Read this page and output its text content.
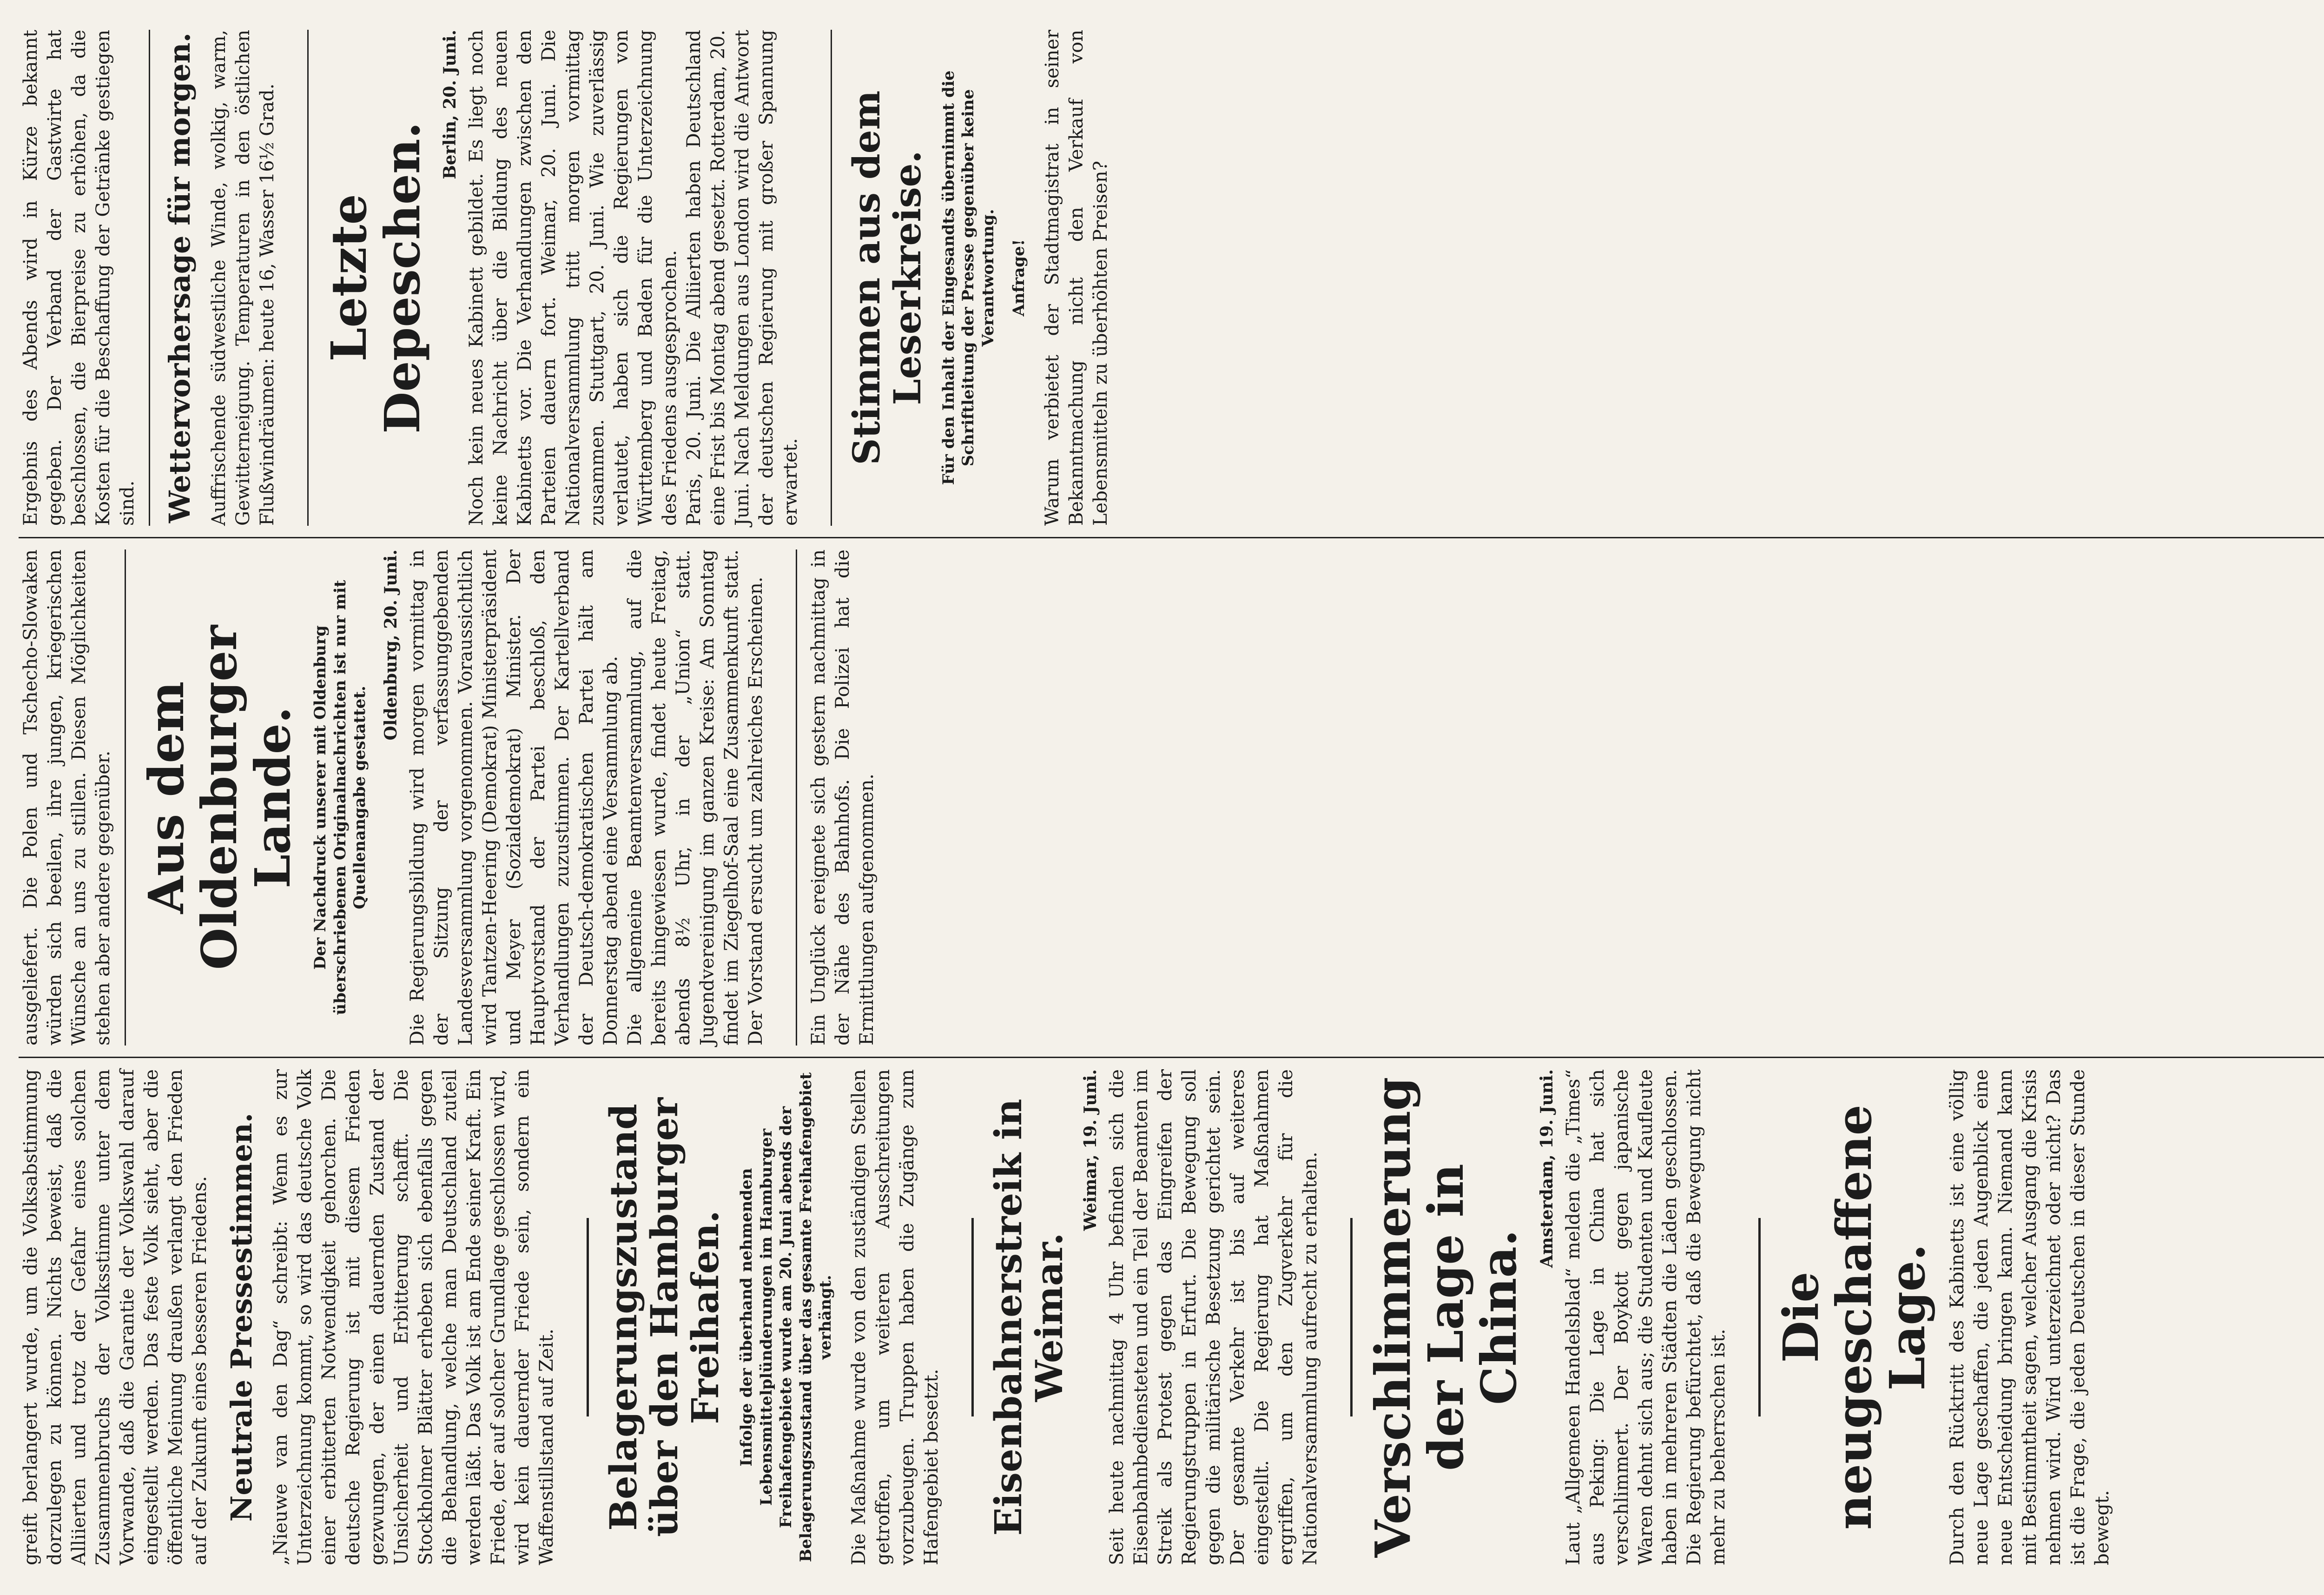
greift berlangert wurde, um die Volksabstimmung dorzulegen zu können. Nichts beweist, daß die Alliierten und trotz der Gefahr eines solchen Zusammenbruchs der Volksstimme unter dem Vorwande, daß die Garantie der Volkswahl darauf eingestellt werden. Das feste Volk sieht, aber die öffentliche Meinung draußen verlangt den Frieden auf der Zukunft eines besseren Friedens. Neutrale Pressestimmen. „Nieuwe van den Dag“ schreibt: Wenn es zur Unterzeichnung kommt, so wird das deutsche Volk einer erbitterten Notwendigkeit gehorchen. Die deutsche Regierung ist mit diesem Frieden gezwungen, der einen dauernden Zustand der Unsicherheit und Erbitterung schafft. Die Stockholmer Blätter erheben sich ebenfalls gegen die Behandlung, welche man Deutschland zuteil werden läßt. Das Volk ist am Ende seiner Kraft. Ein Friede, der auf solcher Grundlage geschlossen wird, wird kein dauernder Friede sein, sondern ein Waffenstillstand auf Zeit. Belagerungszustand über den Hamburger Freihafen. Infolge der überhand nehmenden Lebensmittelplünderungen im Hamburger Freihafengebiete wurde am 20. Juni abends der Belagerungszustand über das gesamte Freihafengebiet verhängt. Die Maßnahme wurde von den zuständigen Stellen getroffen, um weiteren Ausschreitungen vorzubeugen. Truppen haben die Zugänge zum Hafengebiet besetzt. Eisenbahnerstreik in Weimar.
Weimar, 19. Juni. Seit heute nachmittag 4 Uhr befinden sich die Eisenbahnbediensteten und ein Teil der Beamten im Streik als Protest gegen das Eingreifen der Regierungstruppen in Erfurt. Die Bewegung soll gegen die militärische Besetzung gerichtet sein. Der gesamte Verkehr ist bis auf weiteres eingestellt. Die Regierung hat Maßnahmen ergriffen, um den Zugverkehr für die Nationalversammlung aufrecht zu erhalten. Verschlimmerung der Lage in China.
Amsterdam, 19. Juni. Laut „Allgemeen Handelsblad“ melden die „Times“ aus Peking: Die Lage in China hat sich verschlimmert. Der Boykott gegen japanische Waren dehnt sich aus; die Studenten und Kaufleute haben in mehreren Städten die Läden geschlossen. Die Regierung befürchtet, daß die Bewegung nicht mehr zu beherrschen ist.

Die neugeschaffene Lage. Durch den Rücktritt des Kabinetts ist eine völlig neue Lage geschaffen, die jeden Augenblick eine neue Entscheidung bringen kann. Niemand kann mit Bestimmtheit sagen, welcher Ausgang die Krisis nehmen wird. Wird unterzeichnet oder nicht? Das ist die Frage, die jeden Deutschen in dieser Stunde bewegt.

ausgeliefert. Die Polen und Tschecho-Slowaken würden sich beeilen, ihre jungen, kriegerischen Wünsche an uns zu stillen. Diesen Möglichkeiten stehen aber andere gegenüber. Aus dem Oldenburger Lande. Der Nachdruck unserer mit Oldenburg überschriebenen Originalnachrichten ist nur mit Quellenangabe gestattet.

Oldenburg, 20. Juni. Die Regierungsbildung wird morgen vormittag in der Sitzung der verfassunggebenden Landesversammlung vorgenommen. Voraussichtlich wird Tantzen-Heering (Demokrat) Ministerpräsident und Meyer (Sozialdemokrat) Minister. Der Hauptvorstand der Partei beschloß, den Verhandlungen zuzustimmen. Der Kartellverband der Deutsch-demokratischen Partei hält am Donnerstag abend eine Versammlung ab. Die allgemeine Beamtenversammlung, auf die bereits hingewiesen wurde, findet heute Freitag, abends 8½ Uhr, in der „Union“ statt. Jugendvereinigung im ganzen Kreise: Am Sonntag findet im Ziegelhof-Saal eine Zusammenkunft statt. Der Vorstand ersucht um zahlreiches Erscheinen. Ein Unglück ereignete sich gestern nachmittag in der Nähe des Bahnhofs. Die Polizei hat die Ermittlungen aufgenommen.

Ergebnis des Abends wird in Kürze bekannt gegeben. Der Verband der Gastwirte hat beschlossen, die Bierpreise zu erhöhen, da die Kosten für die Beschaffung der Getränke gestiegen sind. Wettervorhersage für morgen. Auffrischende südwestliche Winde, wolkig, warm, Gewitterneigung. Temperaturen in den östlichen Flußwindräumen: heute 16, Wasser 16½ Grad. Letzte Depeschen.
Berlin, 20. Juni. Noch kein neues Kabinett gebildet. Es liegt noch keine Nachricht über die Bildung des neuen Kabinetts vor. Die Verhandlungen zwischen den Parteien dauern fort. Weimar, 20. Juni. Die Nationalversammlung tritt morgen vormittag zusammen. Stuttgart, 20. Juni. Wie zuverlässig verlautet, haben sich die Regierungen von Württemberg und Baden für die Unterzeichnung des Friedens ausgesprochen. Paris, 20. Juni. Die Alliierten haben Deutschland eine Frist bis Montag abend gesetzt. Rotterdam, 20. Juni. Nach Meldungen aus London wird die Antwort der deutschen Regierung mit großer Spannung erwartet.

Stimmen aus dem Leserkreise. Für den Inhalt der Eingesandts übernimmt die Schriftleitung der Presse gegenüber keine Verantwortung. Anfrage! Warum verbietet der Stadtmagistrat in seiner Bekanntmachung nicht den Verkauf von Lebensmitteln zu überhöhten Preisen?
